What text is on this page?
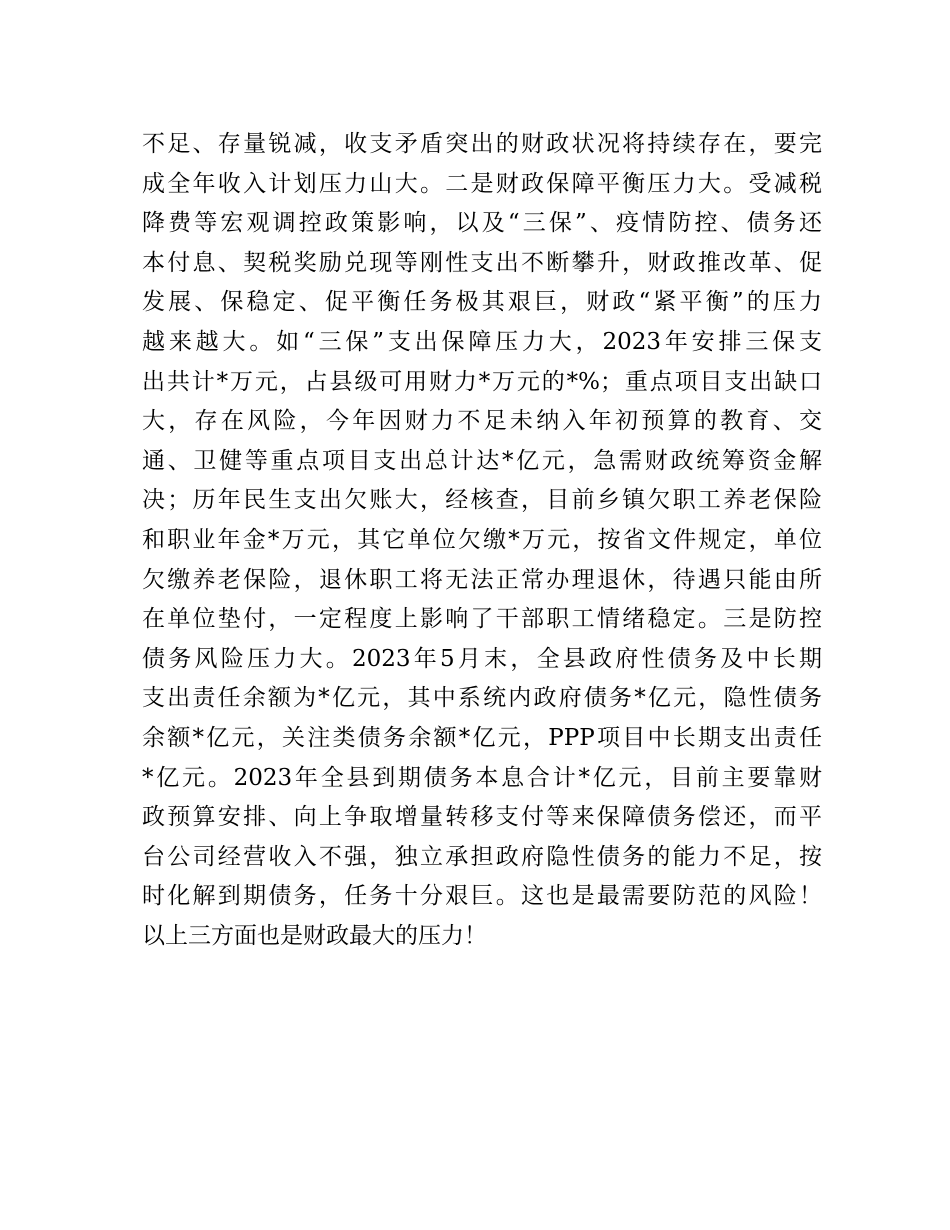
不足、存量锐减，收支矛盾突出的财政状况将持续存在，要完
成全年收入计划压力山大。二是财政保障平衡压力大。受减税
降费等宏观调控政策影响，以及“三保”、疫情防控、债务还
本付息、契税奖励兑现等刚性支出不断攀升，财政推改革、促
发展、保稳定、促平衡任务极其艰巨，财政“紧平衡”的压力
越来越大。如“三保”支出保障压力大，2023年安排三保支
出共计*万元，占县级可用财力*万元的*%；重点项目支出缺口
大，存在风险，今年因财力不足未纳入年初预算的教育、交
通、卫健等重点项目支出总计达*亿元，急需财政统筹资金解
决；历年民生支出欠账大，经核查，目前乡镇欠职工养老保险
和职业年金*万元，其它单位欠缴*万元，按省文件规定，单位
欠缴养老保险，退休职工将无法正常办理退休，待遇只能由所
在单位垫付，一定程度上影响了干部职工情绪稳定。三是防控
债务风险压力大。2023年5月末，全县政府性债务及中长期
支出责任余额为*亿元，其中系统内政府债务*亿元，隐性债务
余额*亿元，关注类债务余额*亿元，PPP项目中长期支出责任
*亿元。2023年全县到期债务本息合计*亿元，目前主要靠财
政预算安排、向上争取增量转移支付等来保障债务偿还，而平
台公司经营收入不强，独立承担政府隐性债务的能力不足，按
时化解到期债务，任务十分艰巨。这也是最需要防范的风险！
以上三方面也是财政最大的压力！
